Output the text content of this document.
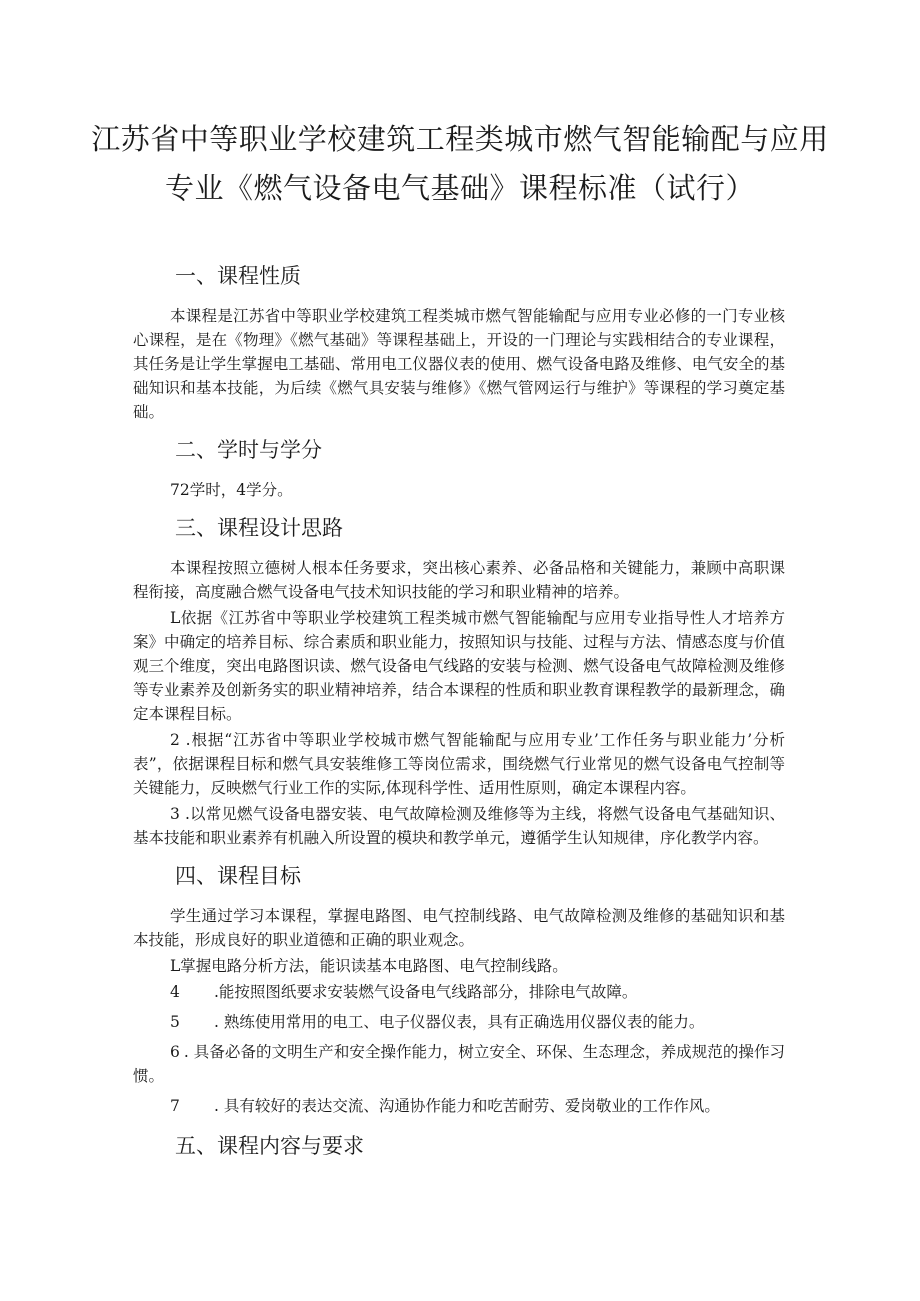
江苏省中等职业学校建筑工程类城市燃气智能输配与应用
专业《燃气设备电气基础》课程标准（试行）
一、课程性质

本课程是江苏省中等职业学校建筑工程类城市燃气智能输配与应用专业必修的一门专业核心课程，是在《物理》《燃气基础》等课程基础上，开设的一门理论与实践相结合的专业课程，其任务是让学生掌握电工基础、常用电工仪器仪表的使用、燃气设备电路及维修、电气安全的基础知识和基本技能，为后续《燃气具安装与维修》《燃气管网运行与维护》等课程的学习奠定基础。

二、学时与学分

72学时，4学分。

三、课程设计思路

本课程按照立德树人根本任务要求，突出核心素养、必备品格和关键能力，兼顾中高职课程衔接，高度融合燃气设备电气技术知识技能的学习和职业精神的培养。

L依据《江苏省中等职业学校建筑工程类城市燃气智能输配与应用专业指导性人才培养方案》中确定的培养目标、综合素质和职业能力，按照知识与技能、过程与方法、情感态度与价值观三个维度，突出电路图识读、燃气设备电气线路的安装与检测、燃气设备电气故障检测及维修等专业素养及创新务实的职业精神培养，结合本课程的性质和职业教育课程教学的最新理念，确定本课程目标。

2 .根据“江苏省中等职业学校城市燃气智能输配与应用专业’工作任务与职业能力’分析表”，依据课程目标和燃气具安装维修工等岗位需求，围绕燃气行业常见的燃气设备电气控制等关键能力，反映燃气行业工作的实际,体现科学性、适用性原则，确定本课程内容。

3 .以常见燃气设备电器安装、电气故障检测及维修等为主线，将燃气设备电气基础知识、基本技能和职业素养有机融入所设置的模块和教学单元，遵循学生认知规律，序化教学内容。

四、课程目标

学生通过学习本课程，掌握电路图、电气控制线路、电气故障检测及维修的基础知识和基本技能，形成良好的职业道德和正确的职业观念。

L掌握电路分析方法，能识读基本电路图、电气控制线路。

4 .能按照图纸要求安装燃气设备电气线路部分，排除电气故障。
5 . 熟练使用常用的电工、电子仪器仪表，具有正确选用仪器仪表的能力。
6 . 具备必备的文明生产和安全操作能力，树立安全、环保、生态理念，养成规范的操作习惯。
7 . 具有较好的表达交流、沟通协作能力和吃苦耐劳、爱岗敬业的工作作风。
五、课程内容与要求
